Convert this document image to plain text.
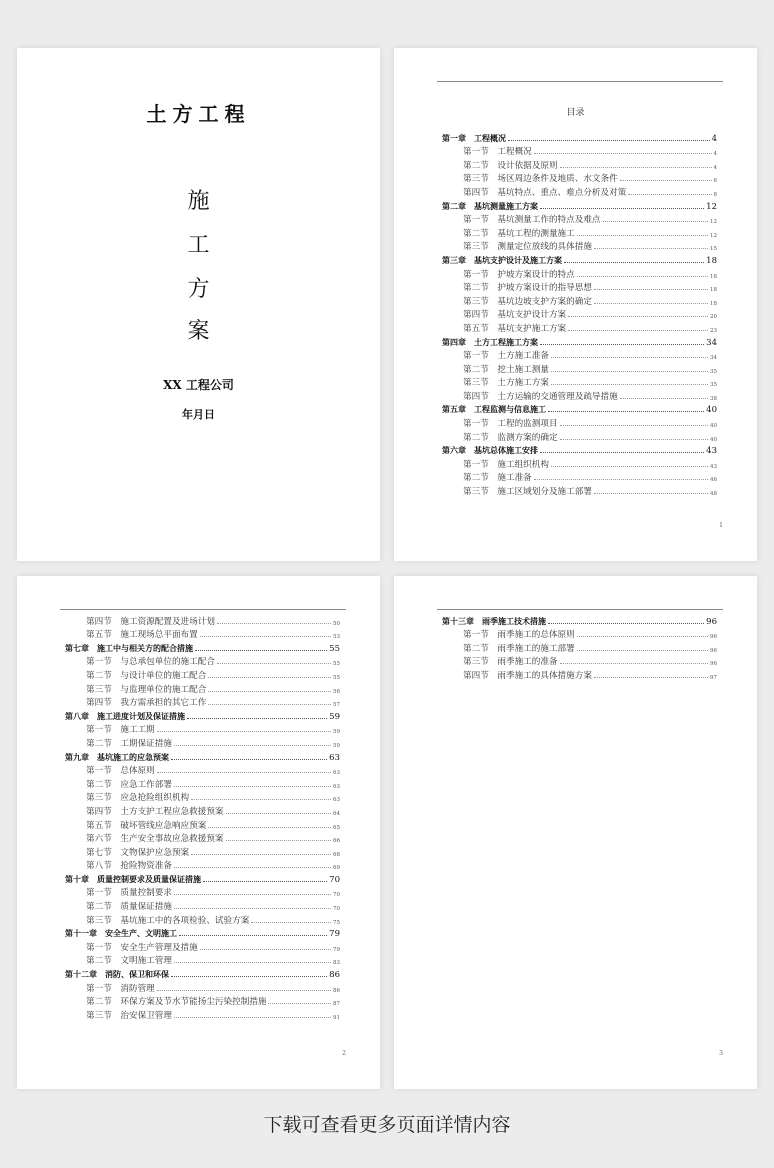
土方工程
施
工
方
案
XX 工程公司
年月日
目录
第一章　工程概况	4
第一节　工程概况	4
第二节　设计依据及原则	4
第三节　场区周边条件及地质、水文条件	6
第四节　基坑特点、重点、难点分析及对策	8
第二章　基坑测量施工方案	12
第一节　基坑测量工作的特点及难点	12
第二节　基坑工程的测量施工	12
第三节　测量定位放线的具体措施	15
第三章　基坑支护设计及施工方案	18
第一节　护坡方案设计的特点	18
第二节　护坡方案设计的指导思想	18
第三节　基坑边坡支护方案的确定	18
第四节　基坑支护设计方案	20
第五节　基坑支护施工方案	23
第四章　土方工程施工方案	34
第一节　土方施工准备	34
第二节　挖土施工测量	35
第三节　土方施工方案	35
第四节　土方运输的交通管理及疏导措施	38
第五章　工程监测与信息施工	40
第一节　工程的监测项目	40
第二节　监测方案的确定	40
第六章　基坑总体施工安排	43
第一节　施工组织机构	43
第二节　施工准备	46
第三节　施工区域划分及施工部署	48
1
第四节　施工资源配置及进场计划	50
第五节　施工现场总平面布置	53
第七章　施工中与相关方的配合措施	55
第一节　与总承包单位的施工配合	55
第二节　与设计单位的施工配合	55
第三节　与监理单位的施工配合	56
第四节　我方需承担的其它工作	57
第八章　施工进度计划及保证措施	59
第一节　施工工期	59
第二节　工期保证措施	59
第九章　基坑施工的应急预案	63
第一节　总体原则	63
第二节　应急工作部署	63
第三节　应急抢险组织机构	63
第四节　土方支护工程应急救援预案	64
第五节　破坏管线应急响应预案	65
第六节　生产安全事故应急救援预案	66
第七节　文物保护应急预案	68
第八节　抢险物资准备	69
第十章　质量控制要求及质量保证措施	70
第一节　质量控制要求	70
第二节　质量保证措施	70
第三节　基坑施工中的各项检验、试验方案	75
第十一章　安全生产、文明施工	79
第一节　安全生产管理及措施	79
第二节　文明施工管理	83
第十二章　消防、保卫和环保	86
第一节　消防管理	86
第二节　环保方案及节水节能扬尘污染控制措施	87
第三节　治安保卫管理	91
2
第十三章　雨季施工技术措施	96
第一节　雨季施工的总体原则	96
第二节　雨季施工的施工部署	96
第三节　雨季施工的准备	96
第四节　雨季施工的具体措施方案	97
3
下载可查看更多页面详情内容
